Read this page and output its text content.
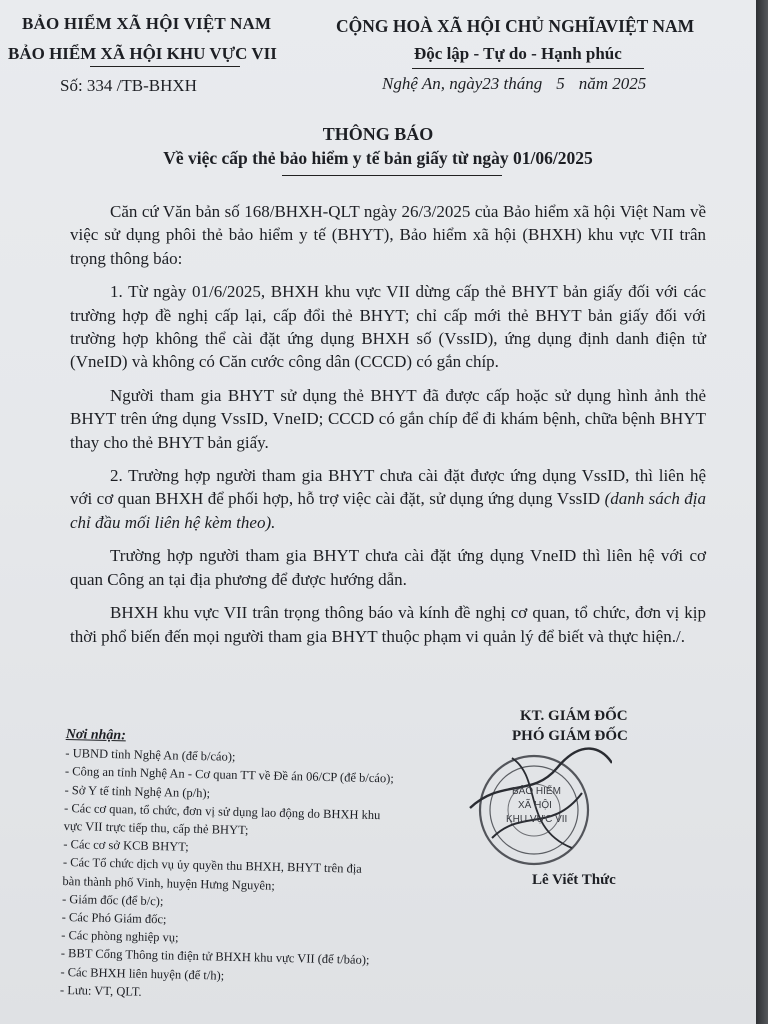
BẢO HIỂM XÃ HỘI VIỆT NAM
BẢO HIỂM XÃ HỘI KHU VỰC VII
Số: 334 /TB-BHXH
CỘNG HOÀ XÃ HỘI CHỦ NGHĨAVIỆT NAM
Độc lập - Tự do - Hạnh phúc
Nghệ An, ngày23 tháng 5 năm 2025
THÔNG BÁO
Về việc cấp thẻ bảo hiểm y tế bản giấy từ ngày 01/06/2025

Căn cứ Văn bản số 168/BHXH-QLT ngày 26/3/2025 của Bảo hiểm xã hội Việt Nam về việc sử dụng phôi thẻ bảo hiểm y tế (BHYT), Bảo hiểm xã hội (BHXH) khu vực VII trân trọng thông báo:

1. Từ ngày 01/6/2025, BHXH khu vực VII dừng cấp thẻ BHYT bản giấy đối với các trường hợp đề nghị cấp lại, cấp đổi thẻ BHYT; chỉ cấp mới thẻ BHYT bản giấy đối với trường hợp không thể cài đặt ứng dụng BHXH số (VssID), ứng dụng định danh điện tử (VneID) và không có Căn cước công dân (CCCD) có gắn chíp.

Người tham gia BHYT sử dụng thẻ BHYT đã được cấp hoặc sử dụng hình ảnh thẻ BHYT trên ứng dụng VssID, VneID; CCCD có gắn chíp để đi khám bệnh, chữa bệnh BHYT thay cho thẻ BHYT bản giấy.

2. Trường hợp người tham gia BHYT chưa cài đặt được ứng dụng VssID, thì liên hệ với cơ quan BHXH để phối hợp, hỗ trợ việc cài đặt, sử dụng ứng dụng VssID (danh sách địa chỉ đầu mối liên hệ kèm theo).

Trường hợp người tham gia BHYT chưa cài đặt ứng dụng VneID thì liên hệ với cơ quan Công an tại địa phương để được hướng dẫn.

BHXH khu vực VII trân trọng thông báo và kính đề nghị cơ quan, tổ chức, đơn vị kịp thời phổ biến đến mọi người tham gia BHYT thuộc phạm vi quản lý để biết và thực hiện./.

KT. GIÁM ĐỐC
PHÓ GIÁM ĐỐC
BẢO HIỂM
XÃ HỘI
KHU VỰC VII
Lê Viết Thức
Nơi nhận:
- UBND tỉnh Nghệ An (để b/cáo);
- Công an tỉnh Nghệ An - Cơ quan TT về Đề án 06/CP (để b/cáo);
- Sở Y tế tỉnh Nghệ An (p/h);
- Các cơ quan, tổ chức, đơn vị sử dụng lao động do BHXH khu
vực VII trực tiếp thu, cấp thẻ BHYT;
- Các cơ sở KCB BHYT;
- Các Tổ chức dịch vụ ủy quyền thu BHXH, BHYT trên địa
bàn thành phố Vinh, huyện Hưng Nguyên;
- Giám đốc (để b/c);
- Các Phó Giám đốc;
- Các phòng nghiệp vụ;
- BBT Cổng Thông tin điện tử BHXH khu vực VII (để t/báo);
- Các BHXH liên huyện (để t/h);
- Lưu: VT, QLT.
